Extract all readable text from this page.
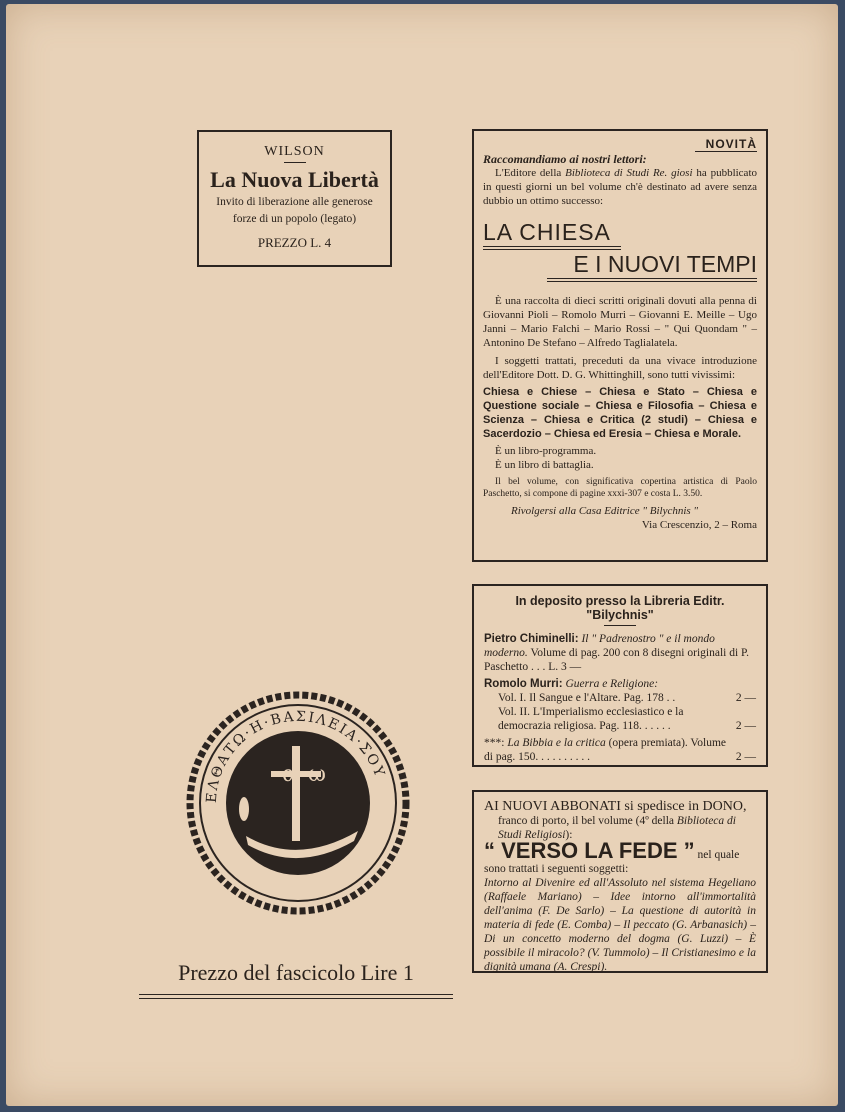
WILSON
La Nuova Libertà
Invito di liberazione alle generose
forze di un popolo (legato)
PREZZO L. 4
NOVITÀ
Raccomandiamo ai nostri lettori:

L'Editore della Biblioteca di Studi Re. giosi ha pubblicato in questi giorni un bel volume ch'è destinato ad avere senza dubbio un ottimo successo:

LA CHIESA
E I NUOVI TEMPI

È una raccolta di dieci scritti originali dovuti alla penna di Giovanni Pioli – Romolo Murri – Giovanni E. Meille – Ugo Janni – Mario Falchi – Mario Rossi – " Qui Quondam " – Antonino De Stefano – Alfredo Taglialatela.

I soggetti trattati, preceduti da una vivace introduzione dell'Editore Dott. D. G. Whittinghill, sono tutti vivissimi:

Chiesa e Chiese – Chiesa e Stato – Chiesa e Questione sociale – Chiesa e Filosofia – Chiesa e Scienza – Chiesa e Critica (2 studi) – Chiesa e Sacerdozio – Chiesa ed Eresia – Chiesa e Morale.

È un libro-programma.

È un libro di battaglia.

Il bel volume, con significativa copertina artistica di Paolo Paschetto, si compone di pagine xxxi-307 e costa L. 3.50.

Rivolgersi alla Casa Editrice " Bilychnis "
Via Crescenzio, 2 – Roma
In deposito presso la Libreria Editr. "Bilychnis"
Pietro Chiminelli: Il " Padrenostro " e il mondo moderno. Volume di pag. 200 con 8 disegni originali di P. Paschetto . . . L. 3 —
Romolo Murri: Guerra e Religione:
Vol. I. Il Sangue e l'Altare. Pag. 178 . .	2 —
Vol. II. L'Imperialismo ecclesiastico e la democrazia religiosa. Pag. 118. . . . . .	2 —
***: La Bibbia e la critica (opera premiata). Volume di pag. 150. . . . . . . . . .	2 —
AI NUOVI ABBONATI si spedisce in DONO,
franco di porto, il bel volume (4º della Biblioteca di Studi Religiosi):
“ VERSO LA FEDE ” nel quale sono trattati i seguenti soggetti:
Intorno al Divenire ed all'Assoluto nel sistema Hegeliano (Raffaele Mariano) – Idee intorno all'immortalità dell'anima (F. De Sarlo) – La questione di autorità in materia di fede (E. Comba) – Il peccato (G. Arbanasich) – Di un concetto moderno del dogma (G. Luzzi) – È possibile il miracolo? (V. Tummolo) – Il Cristianesimo e la dignità umana (A. Crespi).
ΕΛΘΑΤΩ·Η·ΒΑΣΙΛΕΙΑ·ΣΟΥ
α ω
Prezzo del fascicolo Lire 1
